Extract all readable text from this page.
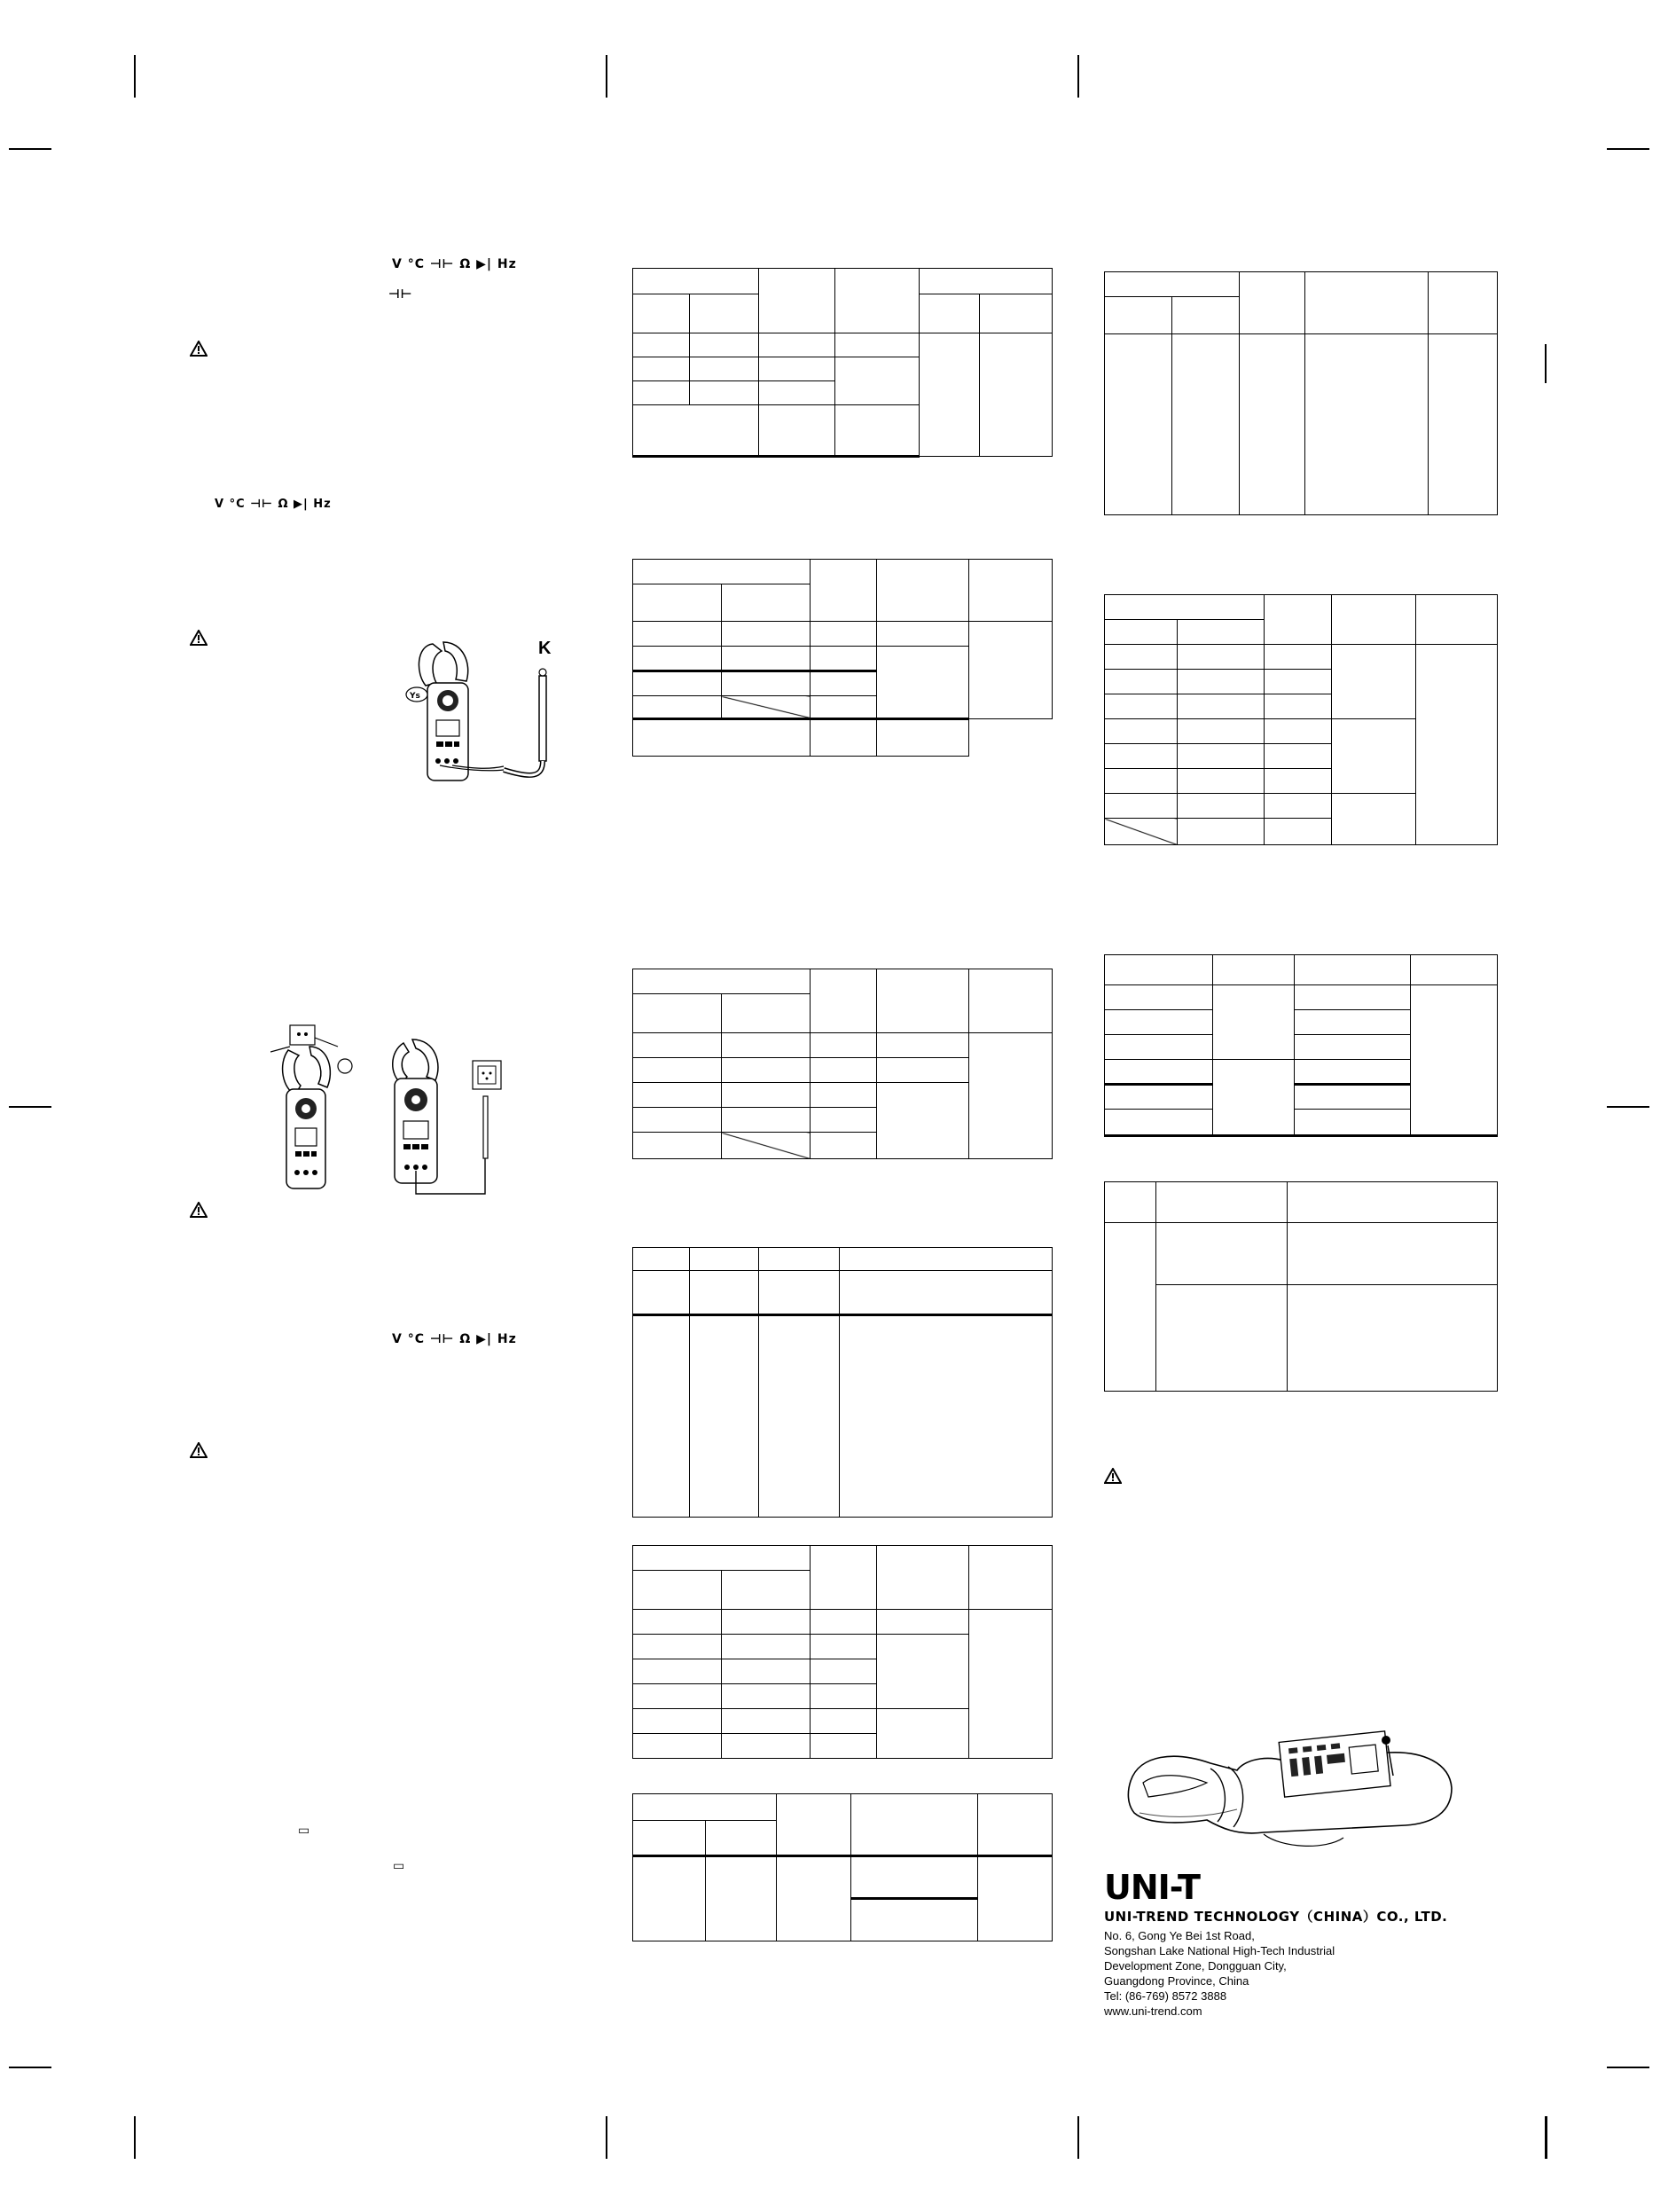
V °C ⊣⊢ Ω ▶| Hz
⊣⊢
V °C ⊣⊢ Ω ▶| Hz
V °C ⊣⊢ Ω ▶| Hz
▭
▭
Ys
K

UNI-T
UNI-TREND TECHNOLOGY（CHINA）CO., LTD.
No. 6, Gong Ye Bei 1st Road,
Songshan Lake National High-Tech Industrial
Development Zone, Dongguan City,
Guangdong Province, China
Tel: (86-769) 8572 3888
www.uni-trend.com
